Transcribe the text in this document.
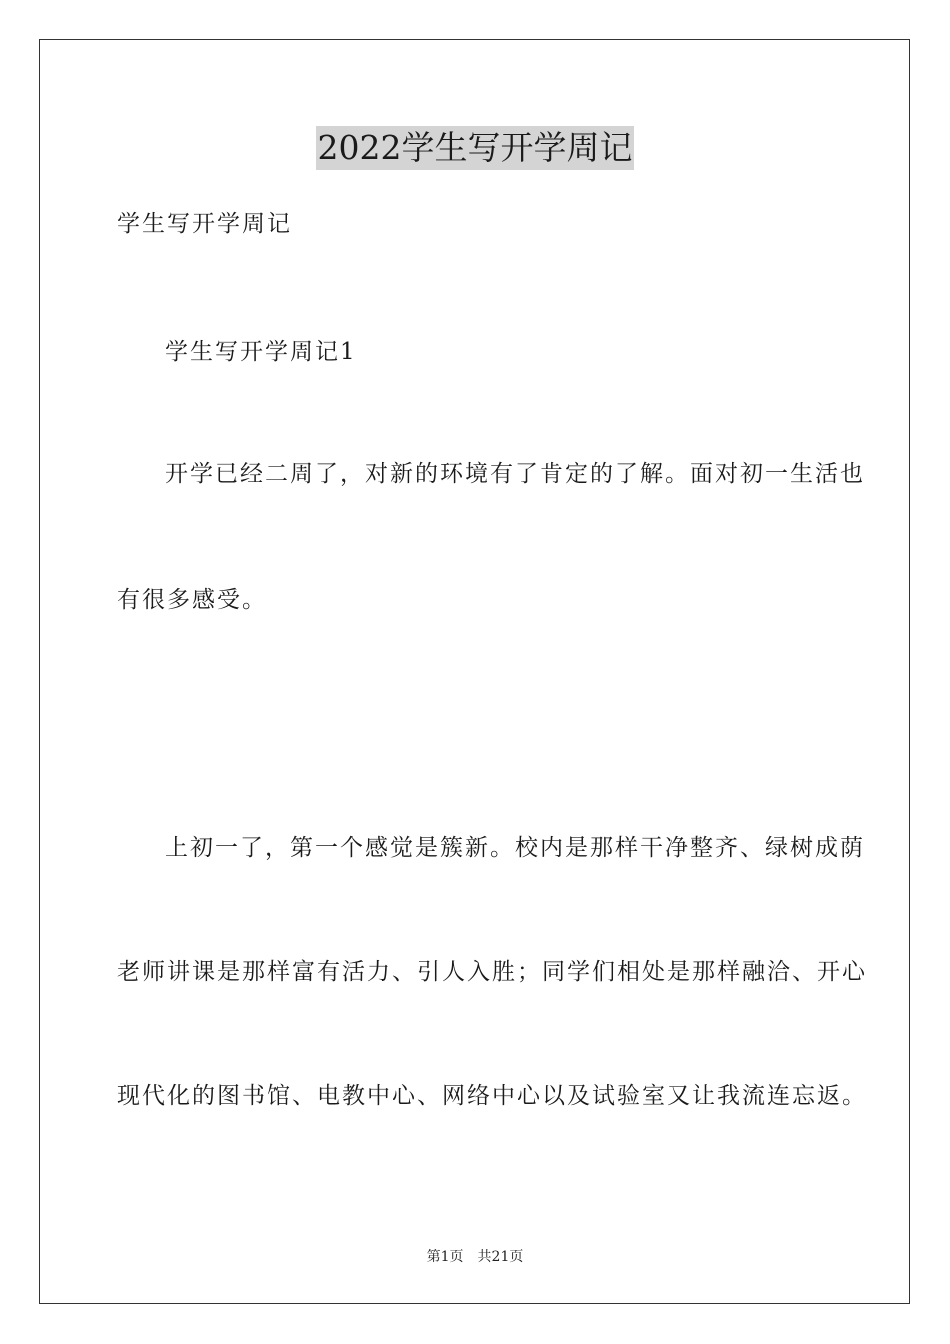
2022学生写开学周记
学生写开学周记
学生写开学周记1
开学已经二周了，对新的环境有了肯定的了解。面对初一生活也
有很多感受。
上初一了，第一个感觉是簇新。校内是那样干净整齐、绿树成荫
老师讲课是那样富有活力、引人入胜；同学们相处是那样融洽、开心
现代化的图书馆、电教中心、网络中心以及试验室又让我流连忘返。
第1页　共21页
